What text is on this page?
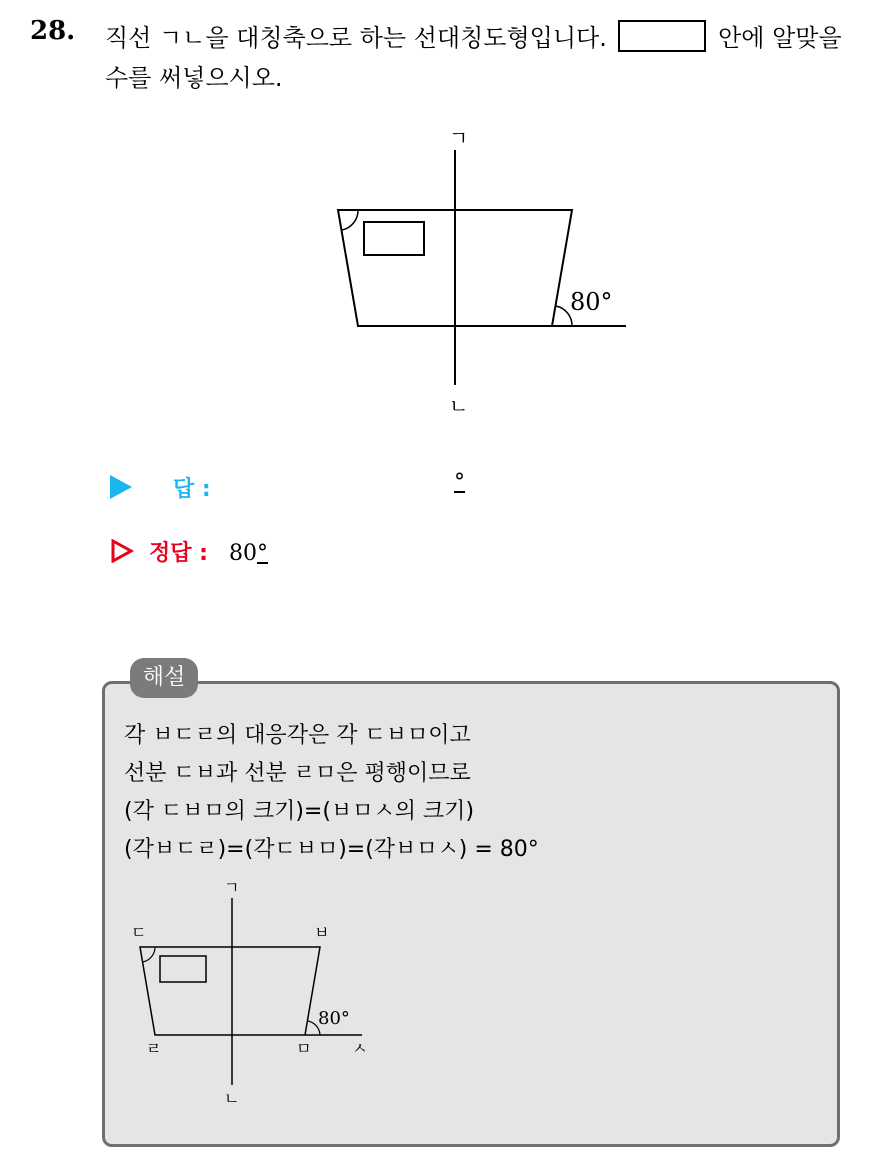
28. 직선 ㄱㄴ을 대칭축으로 하는 선대칭도형입니다.	안에 알맞을
수를 써넣으시오.
ㄱ
ㄴ
80°
답 :	°
정답 : 80°
해설
각 ㅂㄷㄹ의 대응각은 각 ㄷㅂㅁ이고
선분 ㄷㅂ과 선분 ㄹㅁ은 평행이므로
(각 ㄷㅂㅁ의 크기)=(ㅂㅁㅅ의 크기)
(각ㅂㄷㄹ)=(각ㄷㅂㅁ)=(각ㅂㅁㅅ) = 80°
ㄱ
ㄴ
ㄷ	ㅂ
ㄹ	ㅁ	ㅅ
80°
